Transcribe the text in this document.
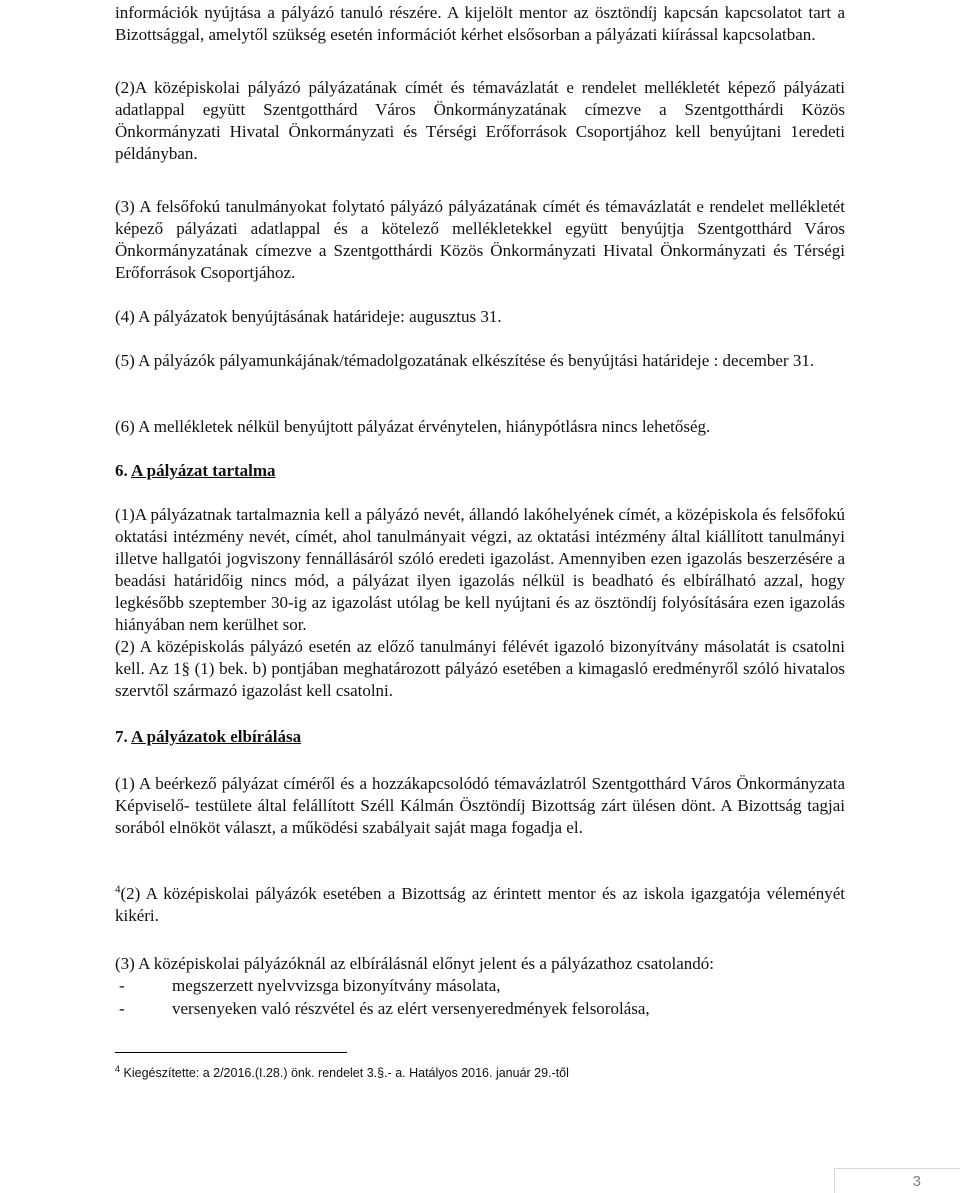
információk nyújtása a pályázó tanuló részére. A kijelölt mentor az ösztöndíj kapcsán kapcsolatot tart a Bizottsággal, amelytől szükség esetén információt kérhet elsősorban a pályázati kiírással kapcsolatban.

(2)A középiskolai pályázó pályázatának címét és témavázlatát e rendelet mellékletét képező pályázati adatlappal együtt Szentgotthárd Város Önkormányzatának címezve a Szentgotthárdi Közös Önkormányzati Hivatal Önkormányzati és Térségi Erőforrások Csoportjához kell benyújtani 1eredeti példányban.

(3) A felsőfokú tanulmányokat folytató pályázó pályázatának címét és témavázlatát e rendelet mellékletét képező pályázati adatlappal és a kötelező mellékletekkel együtt benyújtja Szentgotthárd Város Önkormányzatának címezve a Szentgotthárdi Közös Önkormányzati Hivatal Önkormányzati és Térségi Erőforrások Csoportjához.

(4) A pályázatok benyújtásának határideje: augusztus 31.

(5) A pályázók pályamunkájának/témadolgozatának elkészítése és benyújtási határideje : december 31.

(6) A mellékletek nélkül benyújtott pályázat érvénytelen, hiánypótlásra nincs lehetőség.

6. A pályázat tartalma

(1)A pályázatnak tartalmaznia kell a pályázó nevét, állandó lakóhelyének címét, a középiskola és felsőfokú oktatási intézmény nevét, címét, ahol tanulmányait végzi, az oktatási intézmény által kiállított tanulmányi illetve hallgatói jogviszony fennállásáról szóló eredeti igazolást. Amennyiben ezen igazolás beszerzésére a beadási határidőig nincs mód, a pályázat ilyen igazolás nélkül is beadható és elbírálható azzal, hogy legkésőbb szeptember 30-ig az igazolást utólag be kell nyújtani és az ösztöndíj folyósítására ezen igazolás hiányában nem kerülhet sor.

(2) A középiskolás pályázó esetén az előző tanulmányi félévét igazoló bizonyítvány másolatát is csatolni kell. Az 1§ (1) bek. b) pontjában meghatározott pályázó esetében a kimagasló eredményről szóló hivatalos szervtől származó igazolást kell csatolni.

7. A pályázatok elbírálása

(1) A beérkező pályázat címéről és a hozzákapcsolódó témavázlatról Szentgotthárd Város Önkormányzata Képviselő- testülete által felállított Széll Kálmán Ösztöndíj Bizottság zárt ülésen dönt. A Bizottság tagjai sorából elnököt választ, a működési szabályait saját maga fogadja el.

$^4$(2) A középiskolai pályázók esetében a Bizottság az érintett mentor és az iskola igazgatója véleményét kikéri.

(3) A középiskolai pályázóknál az elbírálásnál előnyt jelent és a pályázathoz csatolandó:

-	megszerzett nyelvvizsga bizonyítvány másolata,
-	versenyeken való részvétel és az elért versenyeredmények felsorolása,
$^4$ Kiegészítette: a 2/2016.(I.28.) önk. rendelet 3.§.- a. Hatályos 2016. január 29.-től
3
